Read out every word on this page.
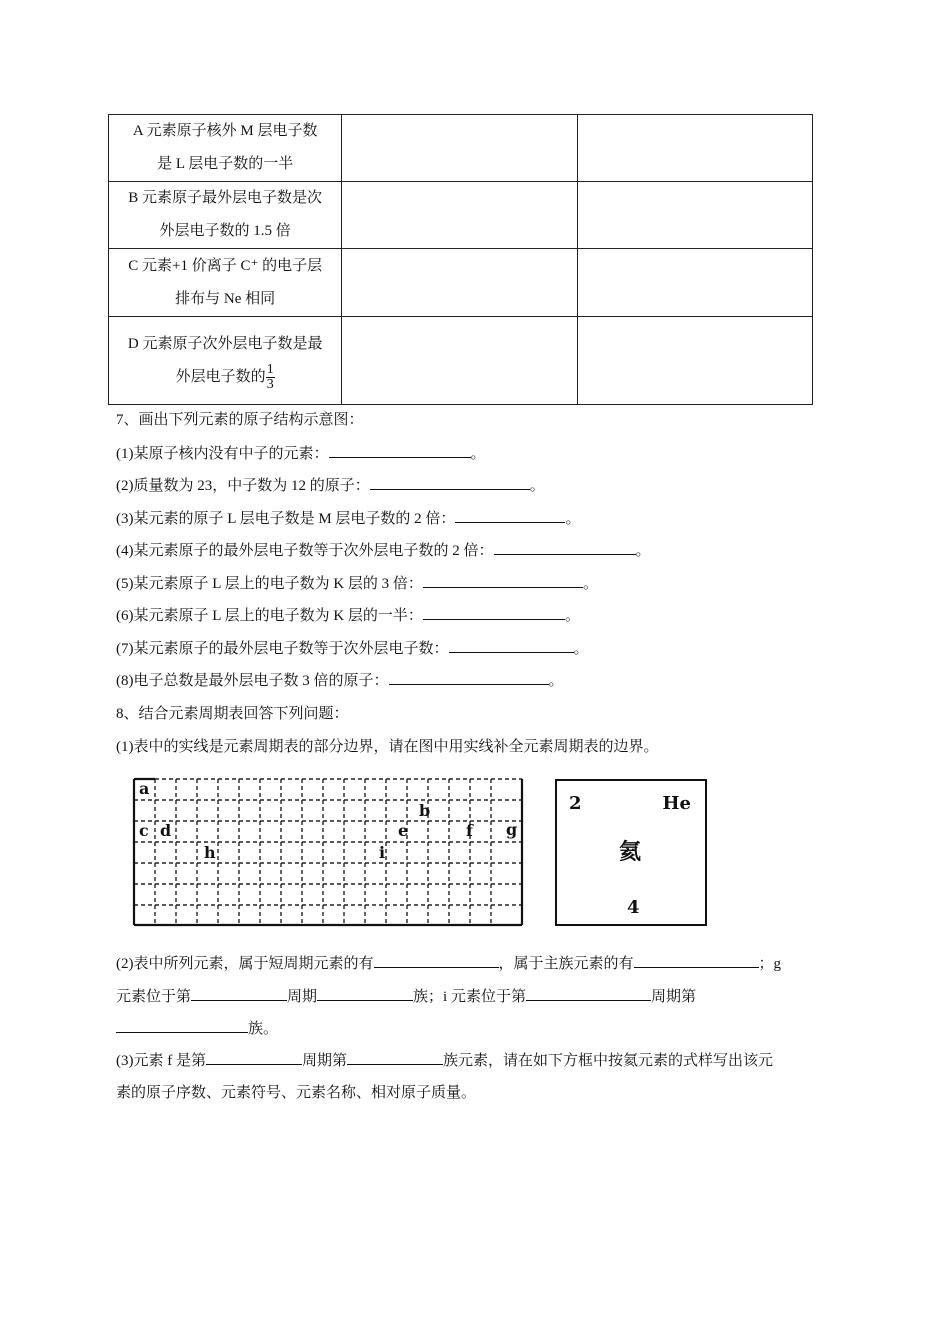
A 元素原子核外 M 层电子数
是 L 层电子数的一半		

B 元素原子最外层电子数是次
外层电子数的 1.5 倍		

C 元素+1 价离子 C⁺ 的电子层
排布与 Ne 相同		

D 元素原子次外层电子数是最
外层电子数的 $\frac{1}{3}$

7、画出下列元素的原子结构示意图：
(1)某原子核内没有中子的元素：	。
(2)质量数为 23，中子数为 12 的原子：	。
(3)某元素的原子 L 层电子数是 M 层电子数的 2 倍：	。
(4)某元素原子的最外层电子数等于次外层电子数的 2 倍：	。
(5)某元素原子 L 层上的电子数为 K 层的 3 倍：	。
(6)某元素原子 L 层上的电子数为 K 层的一半：	。
(7)某元素原子的最外层电子数等于次外层电子数：	。
(8)电子总数是最外层电子数 3 倍的原子：	。
8、结合元素周期表回答下列问题：
(1)表中的实线是元素周期表的部分边界，请在图中用实线补全元素周期表的边界。
a
b
c d	e	f g
h	i
2	He
氦
4
(2)表中所列元素，属于短周期元素的有	，属于主族元素的有	；g
元素位于第	周期	族；i 元素位于第	周期第
族。
(3)元素 f 是第	周期第	族元素，请在如下方框中按氦元素的式样写出该元
素的原子序数、元素符号、元素名称、相对原子质量。
